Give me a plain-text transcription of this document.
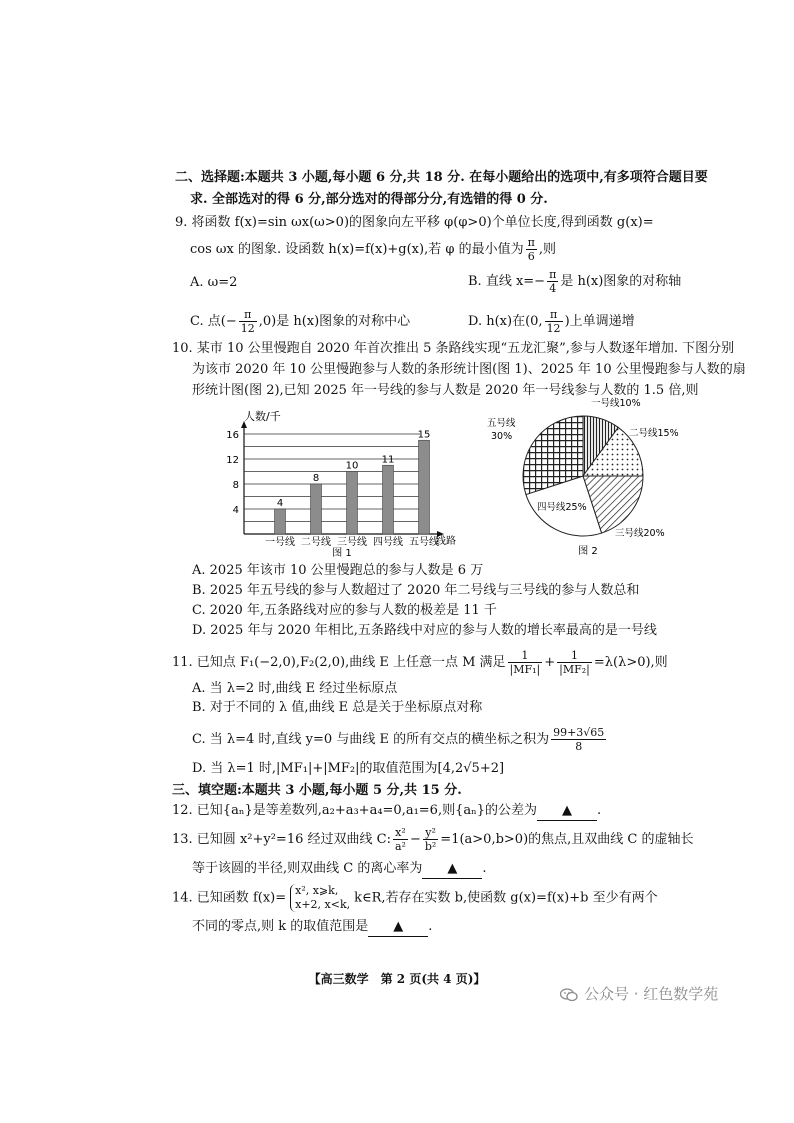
二、选择题:本题共 3 小题,每小题 6 分,共 18 分. 在每小题给出的选项中,有多项符合题目要
求. 全部选对的得 6 分,部分选对的得部分分,有选错的得 0 分.
9. 将函数 f(x)=sin ωx(ω>0)的图象向左平移 φ(φ>0)个单位长度,得到函数 g(x)=
cos ωx 的图象. 设函数 h(x)=f(x)+g(x),若 φ 的最小值为 $\frac{\pi}{6}$ ,则
A. ω=2	B. 直线 $x=- \frac{\pi}{4}$ 是 h(x)图象的对称轴
C. 点(− $\frac{\pi}{12} ,0$)是 h(x)图象的对称中心	D. h(x)在(0, $\frac{\pi}{12}$ )上单调递增
10. 某市 10 公里慢跑自 2020 年首次推出 5 条路线实现“五龙汇聚”,参与人数逐年增加. 下图分别
为该市 2020 年 10 公里慢跑参与人数的条形统计图(图 1)、2025 年 10 公里慢跑参与人数的扇
形统计图(图 2),已知 2025 年一号线的参与人数是 2020 年一号线参与人数的 1.5 倍,则
人数/千
线路
4
8
12
16
4
一号线
8
二号线
10
三号线
11
四号线
15
五号线
图 1
一号线10%
二号线15%
三号线20%
四号线25%
五号线
30%
图 2
A. 2025 年该市 10 公里慢跑总的参与人数是 6 万
B. 2025 年五号线的参与人数超过了 2020 年二号线与三号线的参与人数总和
C. 2020 年,五条路线对应的参与人数的极差是 11 千
D. 2025 年与 2020 年相比,五条路线中对应的参与人数的增长率最高的是一号线
11. 已知点 F₁(−2,0),F₂(2,0),曲线 E 上任意一点 M 满足 $\frac{1}{\text{|MF₁|}} + \frac{1}{\text{|MF₂|}} =\lambda(\lambda>0)$,则
A. 当 λ=2 时,曲线 E 经过坐标原点
B. 对于不同的 λ 值,曲线 E 总是关于坐标原点对称
C. 当 λ=4 时,直线 y=0 与曲线 E 的所有交点的横坐标之积为 $\frac{99+3√65}{8}$
D. 当 λ=1 时,|MF₁|+|MF₂|的取值范围为[4,2√5+2]
三、填空题:本题共 3 小题,每小题 5 分,共 15 分.
12. 已知{aₙ}是等差数列,a₂+a₃+a₄=0,a₁=6,则{aₙ}的公差为 ▲ .
13. 已知圆 x²+y²=16 经过双曲线 C: $\frac{\text{x²}}{\text{a²}} - \frac{\text{y²}}{\text{b²}} =1(a>0,b>0)$的焦点,且双曲线 C 的虚轴长
等于该圆的半径,则双曲线 C 的离心率为 ▲ .
14. 已知函数 f(x)= x², x⩾k,
x+2, x<k, k∈R,若存在实数 b,使函数 g(x)=f(x)+b 至少有两个
不同的零点,则 k 的取值范围是 ▲ .
【高三数学　第 2 页(共 4 页)】
公众号 · 红色数学苑
